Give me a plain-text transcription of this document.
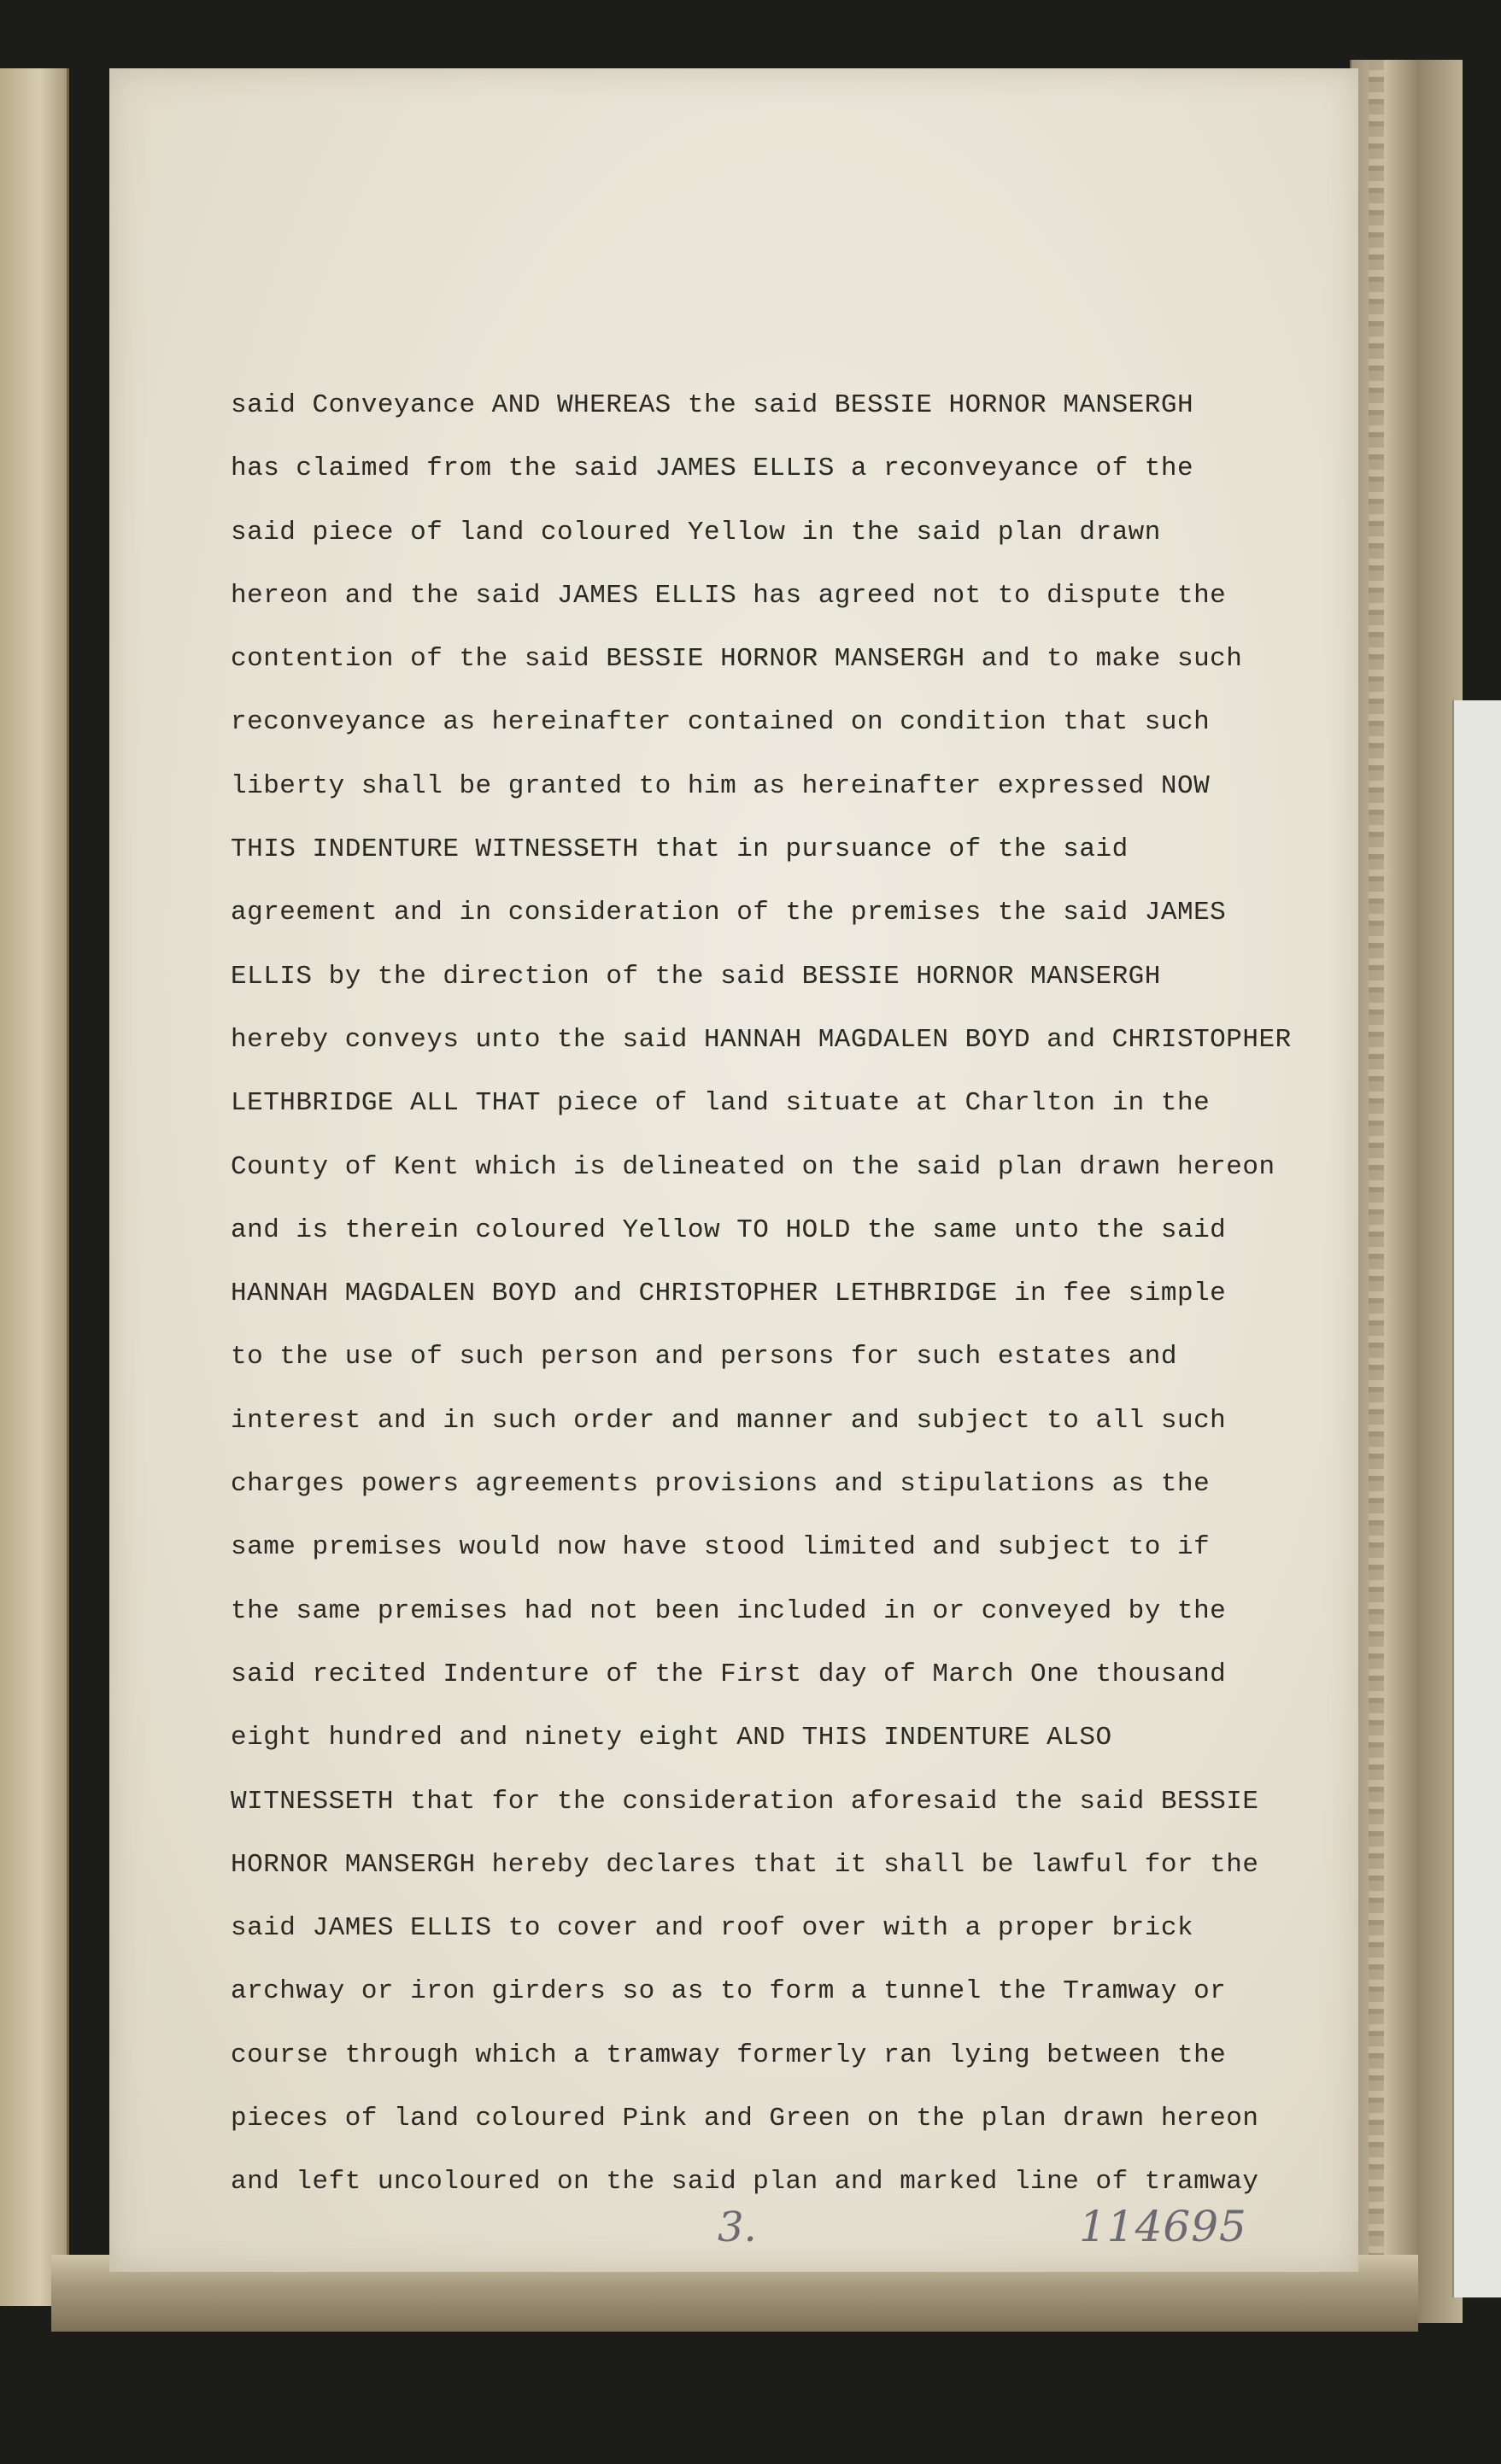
said Conveyance AND WHEREAS the said BESSIE HORNOR MANSERGH
has claimed from the said JAMES ELLIS a reconveyance of the
said piece of land coloured Yellow in the said plan drawn
hereon and the said JAMES ELLIS has agreed not to dispute the
contention of the said BESSIE HORNOR MANSERGH and to make such
reconveyance as hereinafter contained on condition that such
liberty shall be granted to him as hereinafter expressed NOW
THIS INDENTURE WITNESSETH that in pursuance of the said
agreement and in consideration of the premises the said JAMES
ELLIS by the direction of the said BESSIE HORNOR MANSERGH
hereby conveys unto the said HANNAH MAGDALEN BOYD and CHRISTOPHER
LETHBRIDGE ALL THAT piece of land situate at Charlton in the
County of Kent which is delineated on the said plan drawn hereon
and is therein coloured Yellow TO HOLD the same unto the said
HANNAH MAGDALEN BOYD and CHRISTOPHER LETHBRIDGE in fee simple
to the use of such person and persons for such estates and
interest and in such order and manner and subject to all such
charges powers agreements provisions and stipulations as the
same premises would now have stood limited and subject to if
the same premises had not been included in or conveyed by the
said recited Indenture of the First day of March One thousand
eight hundred and ninety eight AND THIS INDENTURE ALSO
WITNESSETH that for the consideration aforesaid the said BESSIE
HORNOR MANSERGH hereby declares that it shall be lawful for the
said JAMES ELLIS to cover and roof over with a proper brick
archway or iron girders so as to form a tunnel the Tramway or
course through which a tramway formerly ran lying between the
pieces of land coloured Pink and Green on the plan drawn hereon
and left uncoloured on the said plan and marked line of tramway
3.	114695
